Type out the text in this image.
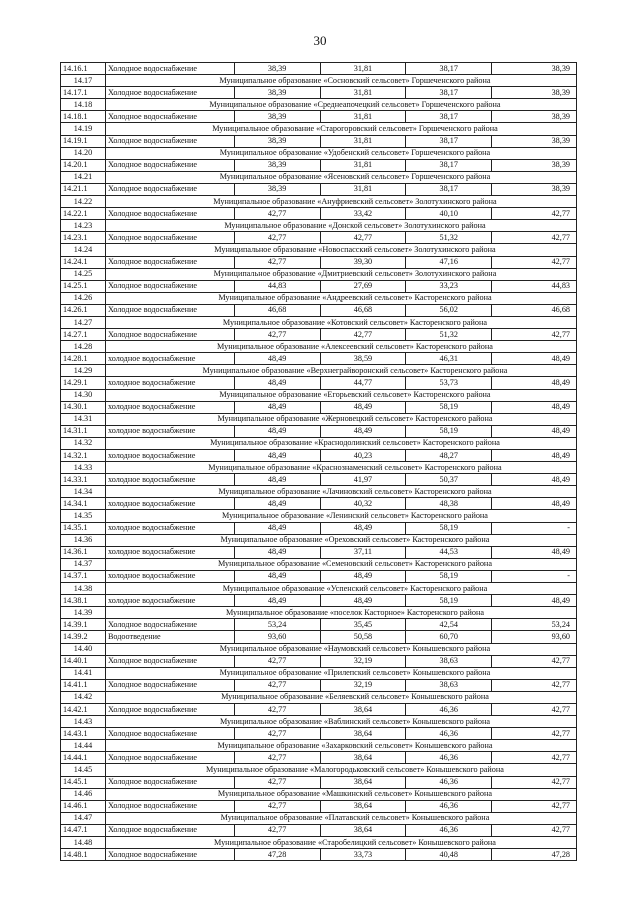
30
14.16.1	Холодное водоснабжение	38,39	31,81	38,17	38,39
14.17	Муниципальное образование «Сосновский сельсовет» Горшеченского района				
14.17.1	Холодное водоснабжение	38,39	31,81	38,17	38,39
14.18	Муниципальное образование «Среднеапочецкий сельсовет» Горшеченского района				
14.18.1	Холодное водоснабжение	38,39	31,81	38,17	38,39
14.19	Муниципальное образование «Старогоровский сельсовет» Горшеченского района				
14.19.1	Холодное водоснабжение	38,39	31,81	38,17	38,39
14.20	Муниципальное образование «Удобенский сельсовет» Горшеченского района				
14.20.1	Холодное водоснабжение	38,39	31,81	38,17	38,39
14.21	Муниципальное образование «Ясеновский сельсовет» Горшеченского района				
14.21.1	Холодное водоснабжение	38,39	31,81	38,17	38,39
14.22	Муниципальное образование «Ануфриевский сельсовет» Золотухинского района				
14.22.1	Холодное водоснабжение	42,77	33,42	40,10	42,77
14.23	Муниципальное образование «Донской сельсовет» Золотухинского района				
14.23.1	Холодное водоснабжение	42,77	42,77	51,32	42,77
14.24	Муниципальное образование «Новоспасский сельсовет» Золотухинского района				
14.24.1	Холодное водоснабжение	42,77	39,30	47,16	42,77
14.25	Муниципальное образование «Дмитриевский сельсовет» Золотухинского района				
14.25.1	Холодное водоснабжение	44,83	27,69	33,23	44,83
14.26	Муниципальное образование «Андреевский сельсовет» Касторенского района				
14.26.1	Холодное водоснабжение	46,68	46,68	56,02	46,68
14.27	Муниципальное образование «Котовский сельсовет» Касторенского района				
14.27.1	Холодное водоснабжение	42,77	42,77	51,32	42,77
14.28	Муниципальное образование «Алексеевский сельсовет» Касторенского района				
14.28.1	холодное водоснабжение	48,49	38,59	46,31	48,49
14.29	Муниципальное образование «Верхнеграйворонский сельсовет» Касторенского района				
14.29.1	холодное водоснабжение	48,49	44,77	53,73	48,49
14.30	Муниципальное образование «Егорьевский сельсовет» Касторенского района				
14.30.1	холодное водоснабжение	48,49	48,49	58,19	48,49
14.31	Муниципальное образование «Жерновецкий сельсовет» Касторенского района				
14.31.1	холодное водоснабжение	48,49	48,49	58,19	48,49
14.32	Муниципальное образование «Краснодолинский сельсовет» Касторенского района				
14.32.1	холодное водоснабжение	48,49	40,23	48,27	48,49
14.33	Муниципальное образование «Краснознаменский сельсовет» Касторенского района				
14.33.1	холодное водоснабжение	48,49	41,97	50,37	48,49
14.34	Муниципальное образование «Лачиновский сельсовет» Касторенского района				
14.34.1	холодное водоснабжение	48,49	40,32	48,38	48,49
14.35	Муниципальное образование «Ленинский сельсовет» Касторенского района				
14.35.1	холодное водоснабжение	48,49	48,49	58,19	-
14.36	Муниципальное образование «Ореховский сельсовет» Касторенского района				
14.36.1	холодное водоснабжение	48,49	37,11	44,53	48,49
14.37	Муниципальное образование «Семеновский сельсовет» Касторенского района				
14.37.1	холодное водоснабжение	48,49	48,49	58,19	-
14.38	Муниципальное образование «Успенский сельсовет» Касторенского района				
14.38.1	холодное водоснабжение	48,49	48,49	58,19	48,49
14.39	Муниципальное образование «поселок Касторное» Касторенского района				
14.39.1	Холодное водоснабжение	53,24	35,45	42,54	53,24
14.39.2	Водоотведение	93,60	50,58	60,70	93,60
14.40	Муниципальное образование «Наумовский сельсовет» Конышевского района				
14.40.1	Холодное водоснабжение	42,77	32,19	38,63	42,77
14.41	Муниципальное образование «Прилепский сельсовет» Конышевского района				
14.41.1	Холодное водоснабжение	42,77	32,19	38,63	42,77
14.42	Муниципальное образование «Беляевский сельсовет» Конышевского района				
14.42.1	Холодное водоснабжение	42,77	38,64	46,36	42,77
14.43	Муниципальное образование «Ваблинский сельсовет» Конышевского района				
14.43.1	Холодное водоснабжение	42,77	38,64	46,36	42,77
14.44	Муниципальное образование «Захарковский сельсовет» Конышевского района				
14.44.1	Холодное водоснабжение	42,77	38,64	46,36	42,77
14.45	Муниципальное образование «Малогородьковский сельсовет» Конышевского района				
14.45.1	Холодное водоснабжение	42,77	38,64	46,36	42,77
14.46	Муниципальное образование «Машкинский сельсовет» Конышевского района				
14.46.1	Холодное водоснабжение	42,77	38,64	46,36	42,77
14.47	Муниципальное образование «Платавский сельсовет» Конышевского района				
14.47.1	Холодное водоснабжение	42,77	38,64	46,36	42,77
14.48	Муниципальное образование «Старобелицкий сельсовет» Конышевского района				
14.48.1	Холодное водоснабжение	47,28	33,73	40,48	47,28
